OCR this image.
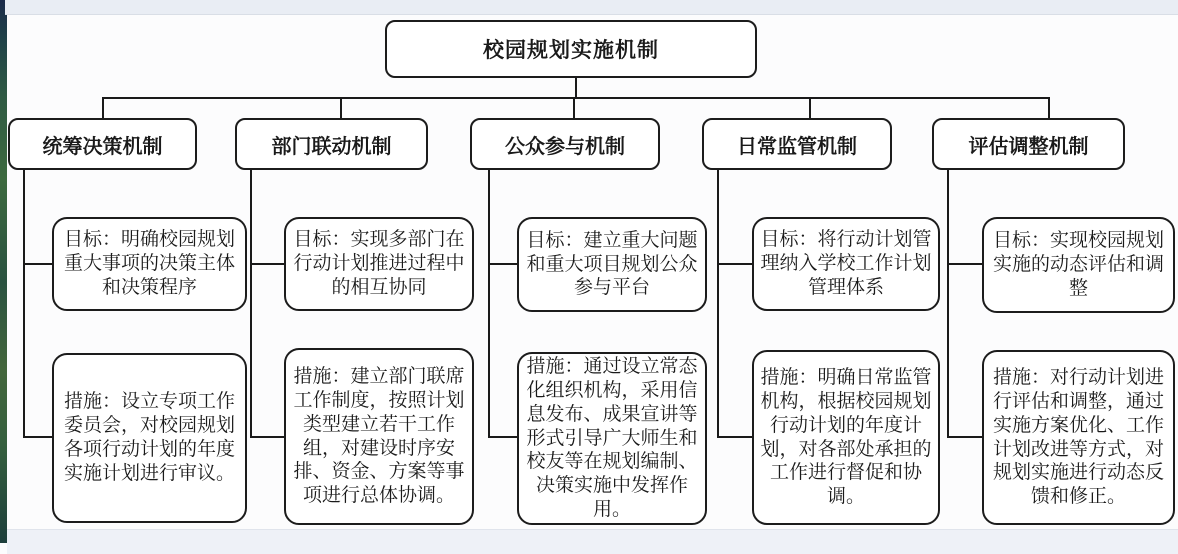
校园规划实施机制
统筹决策机制	部门联动机制	公众参与机制	日常监管机制	评估调整机制
目标：明确校园规划重大事项的决策主体和决策程序
目标：实现多部门在行动计划推进过程中的相互协同
目标：建立重大问题和重大项目规划公众参与平台
目标：将行动计划管理纳入学校工作计划管理体系
目标：实现校园规划实施的动态评估和调整
措施：设立专项工作委员会，对校园规划各项行动计划的年度实施计划进行审议。
措施：建立部门联席工作制度，按照计划类型建立若干工作组，对建设时序安排、资金、方案等事项进行总体协调。
措施：通过设立常态化组织机构，采用信息发布、成果宣讲等形式引导广大师生和校友等在规划编制、决策实施中发挥作用。
措施：明确日常监管机构，根据校园规划行动计划的年度计划，对各部处承担的工作进行督促和协调。
措施：对行动计划进行评估和调整，通过实施方案优化、工作计划改进等方式，对规划实施进行动态反馈和修正。
